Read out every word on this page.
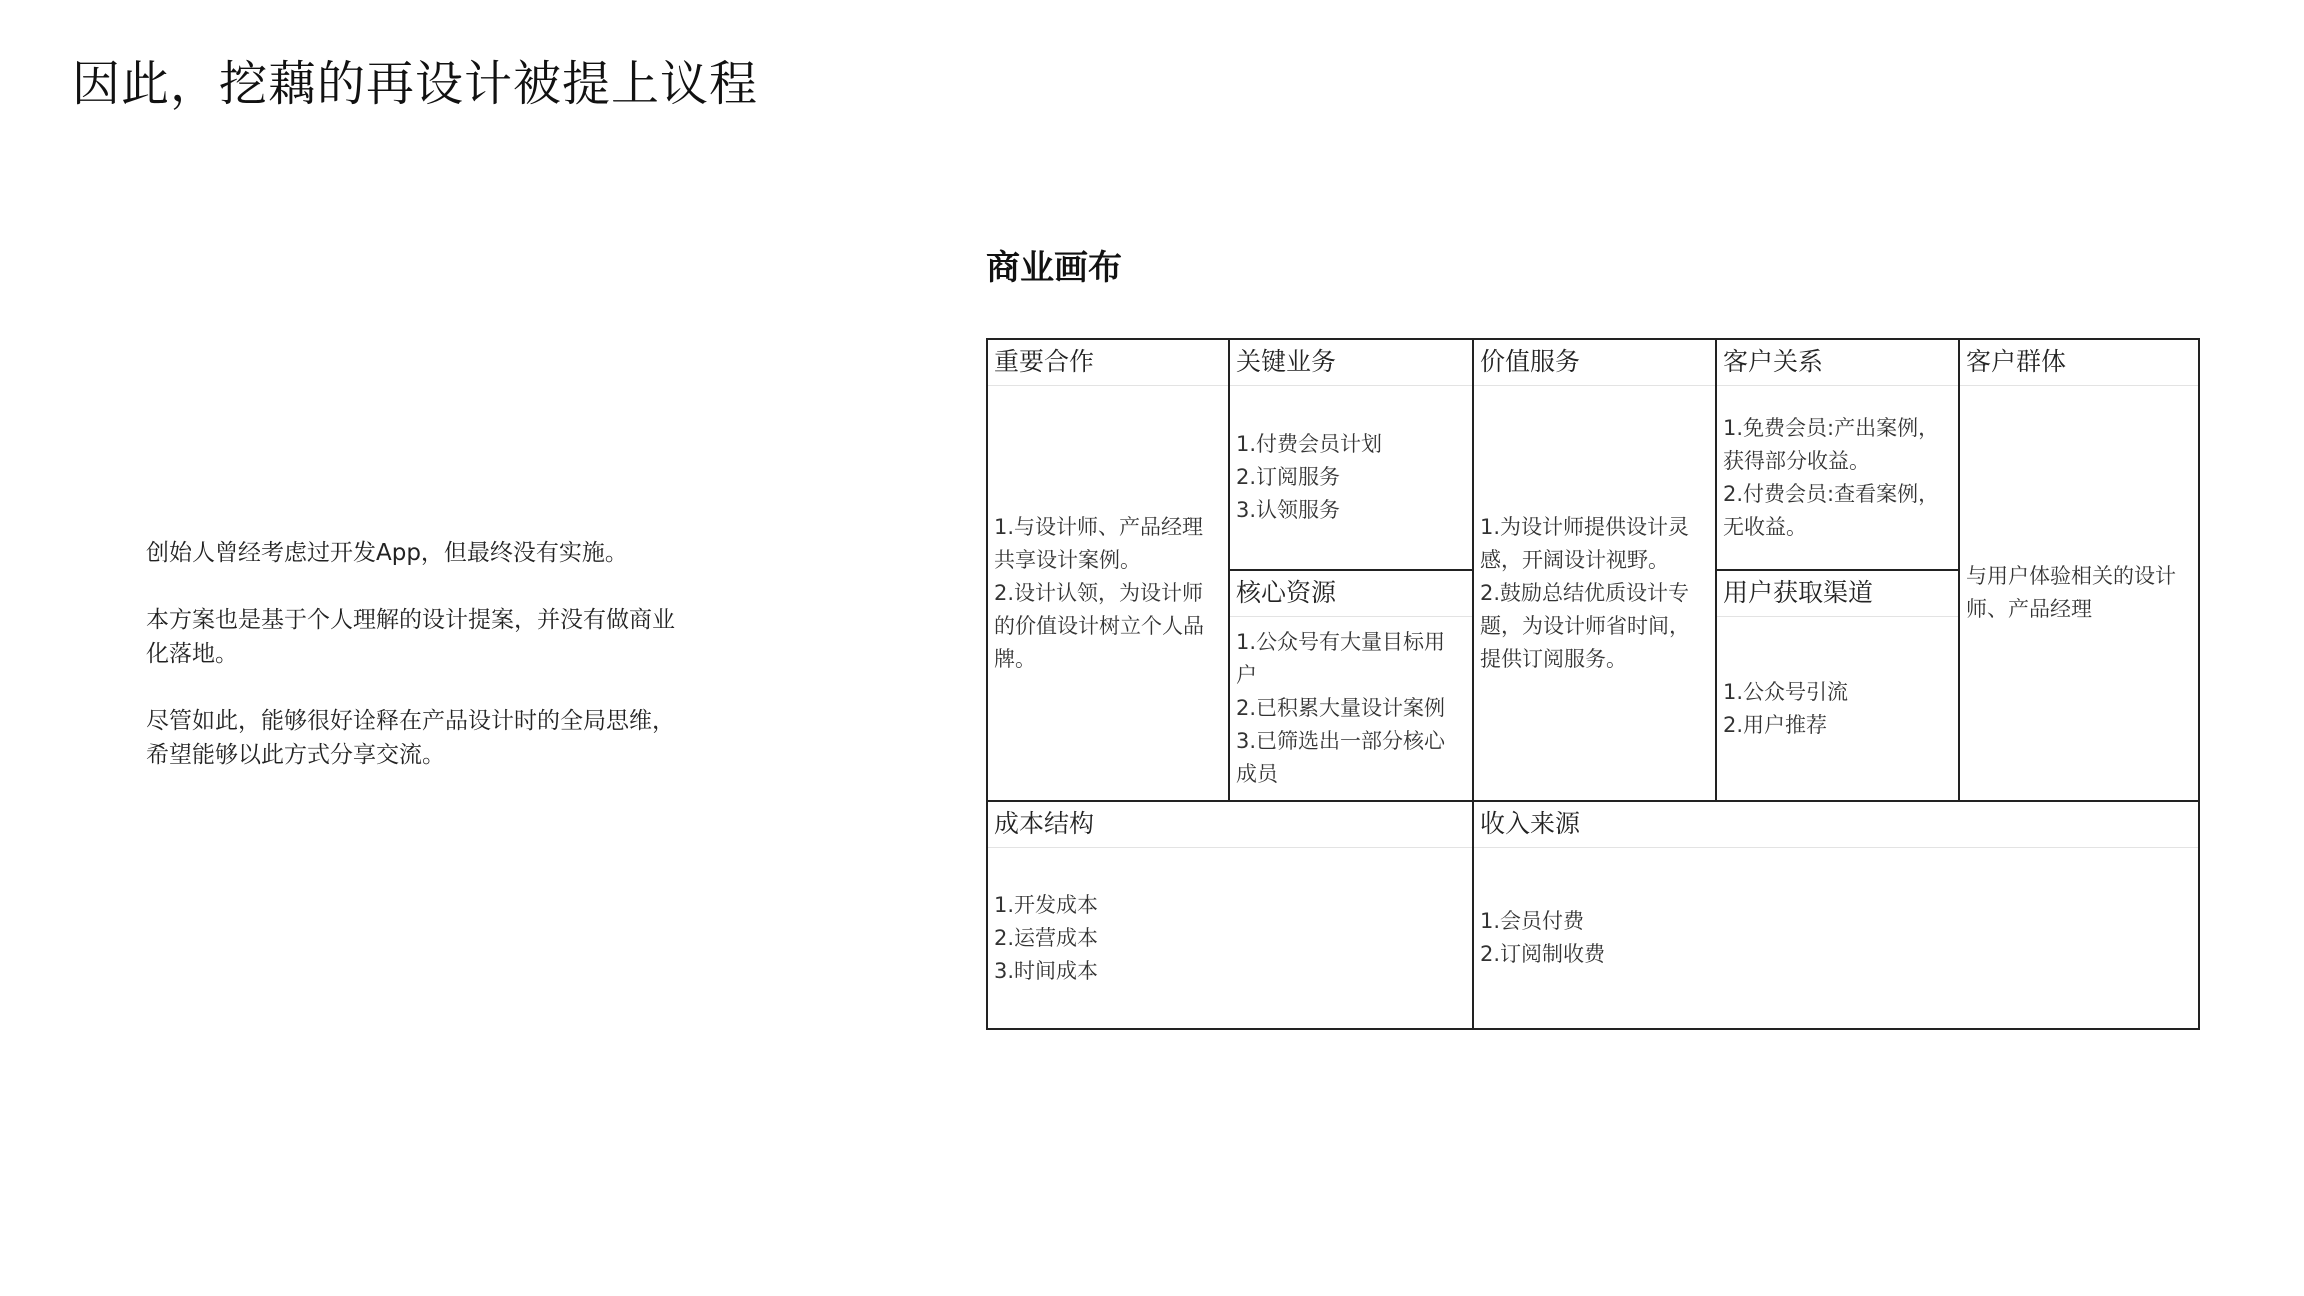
因此，挖藕的再设计被提上议程

创始人曾经考虑过开发App，但最终没有实施。

本方案也是基于个人理解的设计提案，并没有做商业化落地。

尽管如此，能够很好诠释在产品设计时的全局思维，希望能够以此方式分享交流。

商业画布
重要合作
1.与设计师、产品经理共享设计案例。
2.设计认领，为设计师的价值设计树立个人品牌。
关键业务
1.付费会员计划
2.订阅服务
3.认领服务
核心资源
1.公众号有大量目标用户
2.已积累大量设计案例
3.已筛选出一部分核心成员
价值服务
1.为设计师提供设计灵感，开阔设计视野。
2.鼓励总结优质设计专题，为设计师省时间，提供订阅服务。
客户关系
1.免费会员:产出案例，获得部分收益。
2.付费会员:查看案例，无收益。
用户获取渠道
1.公众号引流
2.用户推荐
客户群体
与用户体验相关的设计师、产品经理
成本结构
1.开发成本
2.运营成本
3.时间成本
收入来源
1.会员付费
2.订阅制收费
